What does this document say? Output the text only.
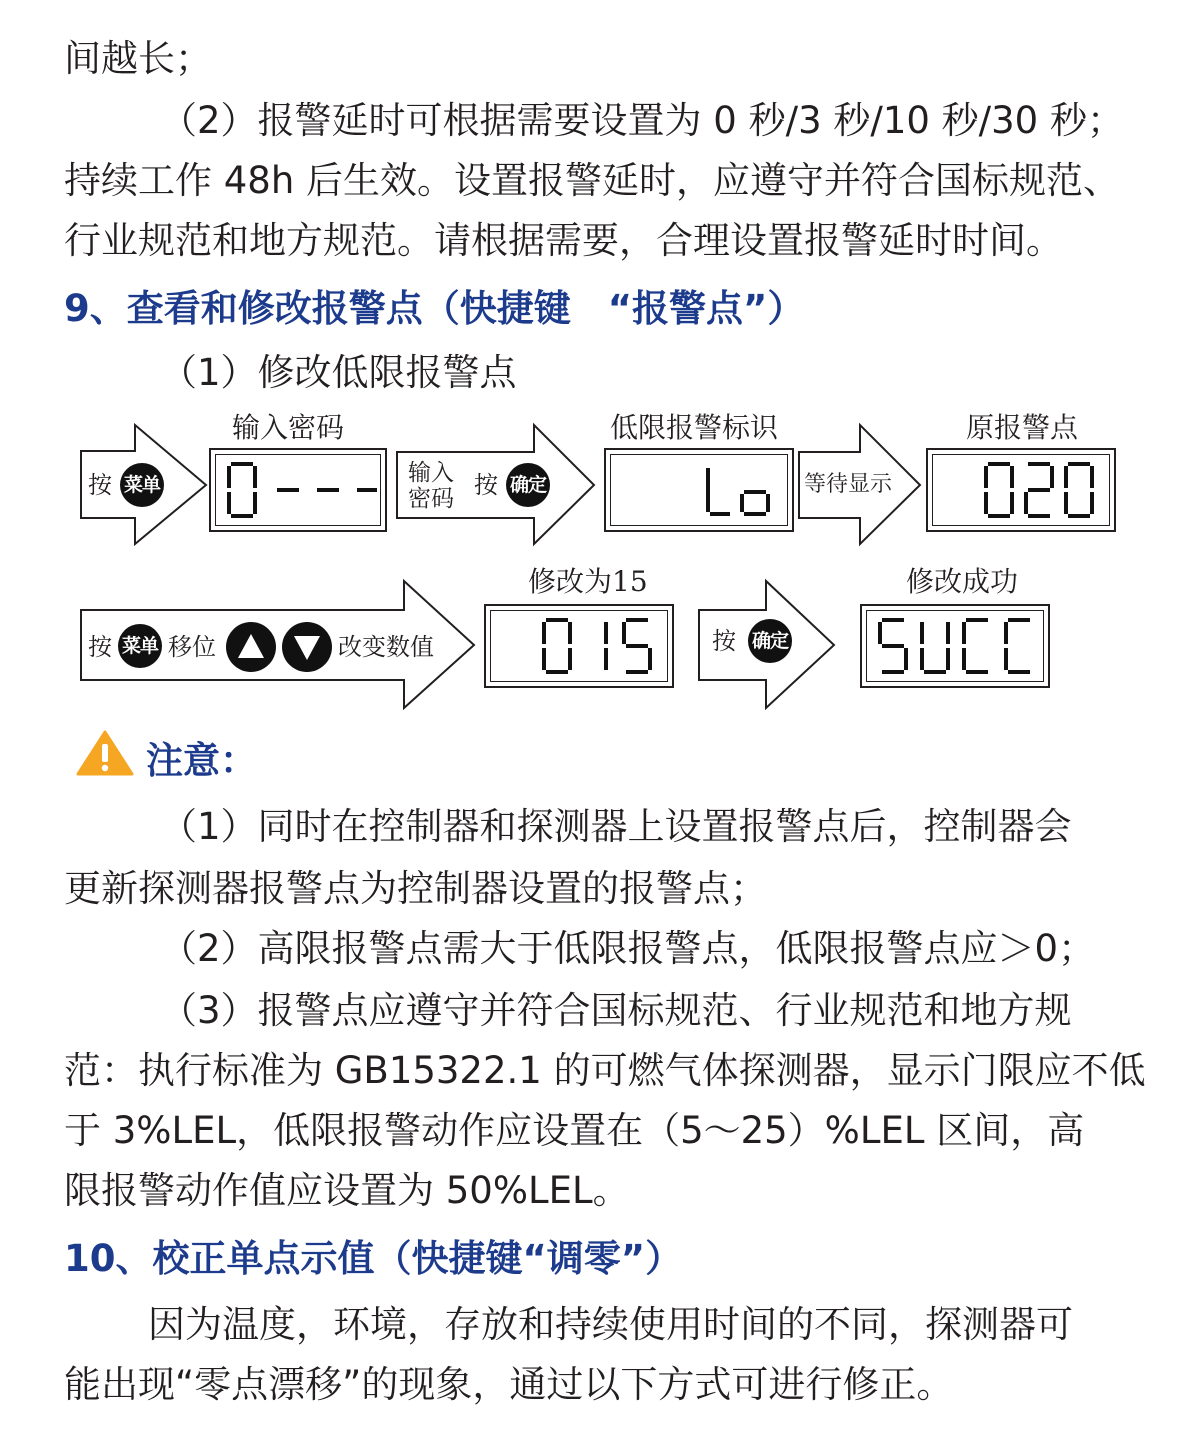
间越长；
（2）报警延时可根据需要设置为 0 秒/3 秒/10 秒/30 秒；
持续工作 48h 后生效。设置报警延时，应遵守并符合国标规范、
行业规范和地方规范。请根据需要，合理设置报警延时时间。
9、查看和修改报警点（快捷键　“报警点”）
（1）修改低限报警点
输入密码	低限报警标识	原报警点
修改为15	修改成功
按 菜单	输入
密码 按 确定	等待显示
按 菜单 移位	改变数值	按 确定
注意：
（1）同时在控制器和探测器上设置报警点后，控制器会
更新探测器报警点为控制器设置的报警点；
（2）高限报警点需大于低限报警点，低限报警点应＞0；
（3）报警点应遵守并符合国标规范、行业规范和地方规
范：执行标准为 GB15322.1 的可燃气体探测器，显示门限应不低
于 3%LEL，低限报警动作应设置在（5～25）%LEL 区间，高
限报警动作值应设置为 50%LEL。
10、校正单点示值（快捷键“调零”）
因为温度，环境，存放和持续使用时间的不同，探测器可
能出现“零点漂移”的现象，通过以下方式可进行修正。
